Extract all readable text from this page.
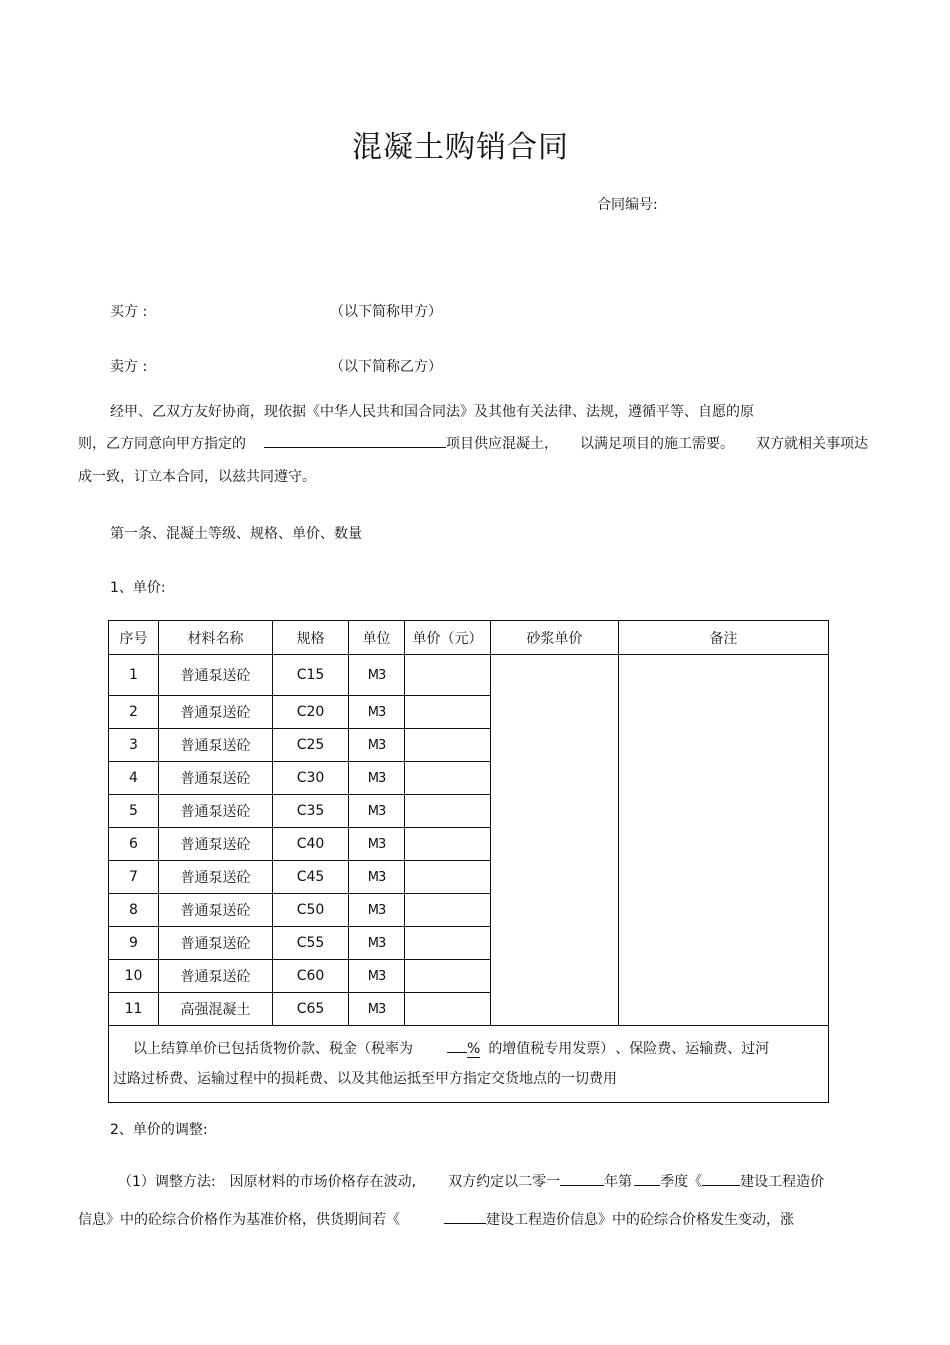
混凝土购销合同
合同编号:
买方 :	（以下简称甲方）
卖方 :	（以下简称乙方）
经甲、乙双方友好协商，现依据《中华人民共和国合同法》及其他有关法律、法规，遵循平等、自愿的原
则，乙方同意向甲方指定的	项目供应混凝土， 以满足项目的施工需要。 双方就相关事项达
成一致，订立本合同，以兹共同遵守。
第一条、混凝土等级、规格、单价、数量
1、单价:
序号	材料名称	规格	单位	单价（元）	砂浆单价	备注
1	普通泵送砼	C15	M3			
2	普通泵送砼	C20	M3			
3	普通泵送砼	C25	M3			
4	普通泵送砼	C30	M3			
5	普通泵送砼	C35	M3			
6	普通泵送砼	C40	M3			
7	普通泵送砼	C45	M3			
8	普通泵送砼	C50	M3			
9	普通泵送砼	C55	M3			
10	普通泵送砼	C60	M3			
11	高强混凝土	C65	M3			

以上结算单价已包括货物价款、税金（税率为 % 的增值税专用发票） 、保险费、运输费、过河
过路过桥费、运输过程中的损耗费、以及其他运抵至甲方指定交货地点的一切费用						
2、单价的调整:
（1）调整方法: 因原材料的市场价格存在波动, 双方约定以二零一	年第 季度《	建设工程造价
信息》中的砼综合价格作为基准价格，供货期间若《	建设工程造价信息》中的砼综合价格发生变动，涨
